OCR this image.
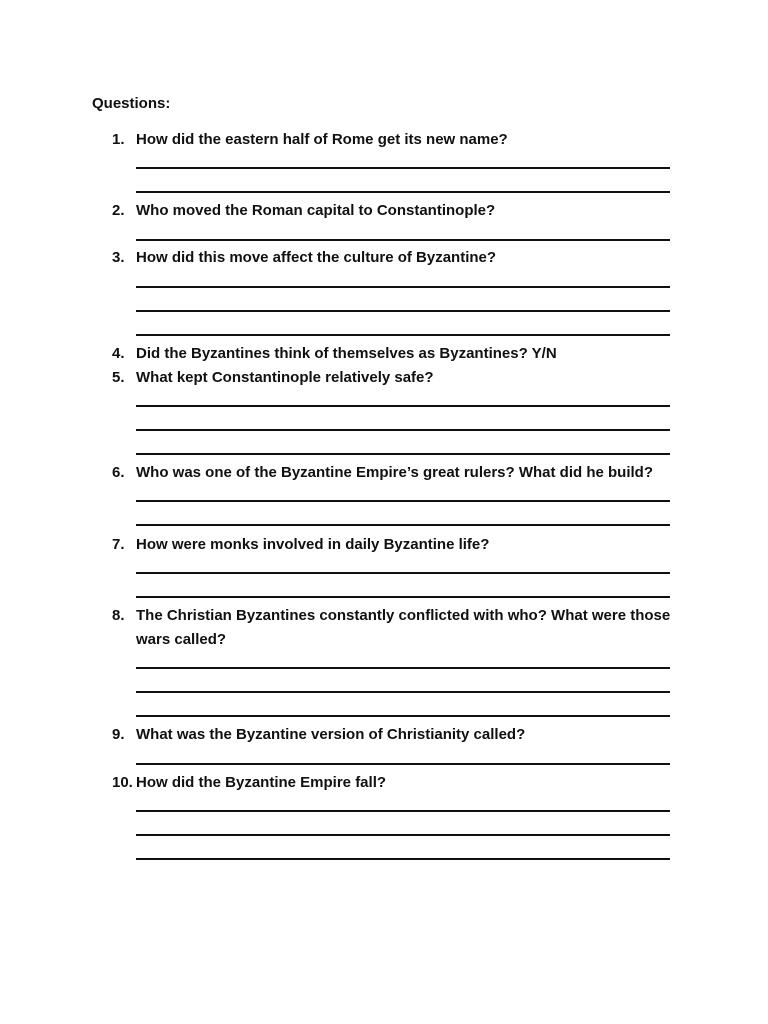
Questions:
1. How did the eastern half of Rome get its new name?
2. Who moved the Roman capital to Constantinople?
3. How did this move affect the culture of Byzantine?
4. Did the Byzantines think of themselves as Byzantines? Y/N
5. What kept Constantinople relatively safe?
6. Who was one of the Byzantine Empire’s great rulers? What did he build?
7. How were monks involved in daily Byzantine life?
8. The Christian Byzantines constantly conflicted with who? What were those wars called?
9. What was the Byzantine version of Christianity called?
10. How did the Byzantine Empire fall?
